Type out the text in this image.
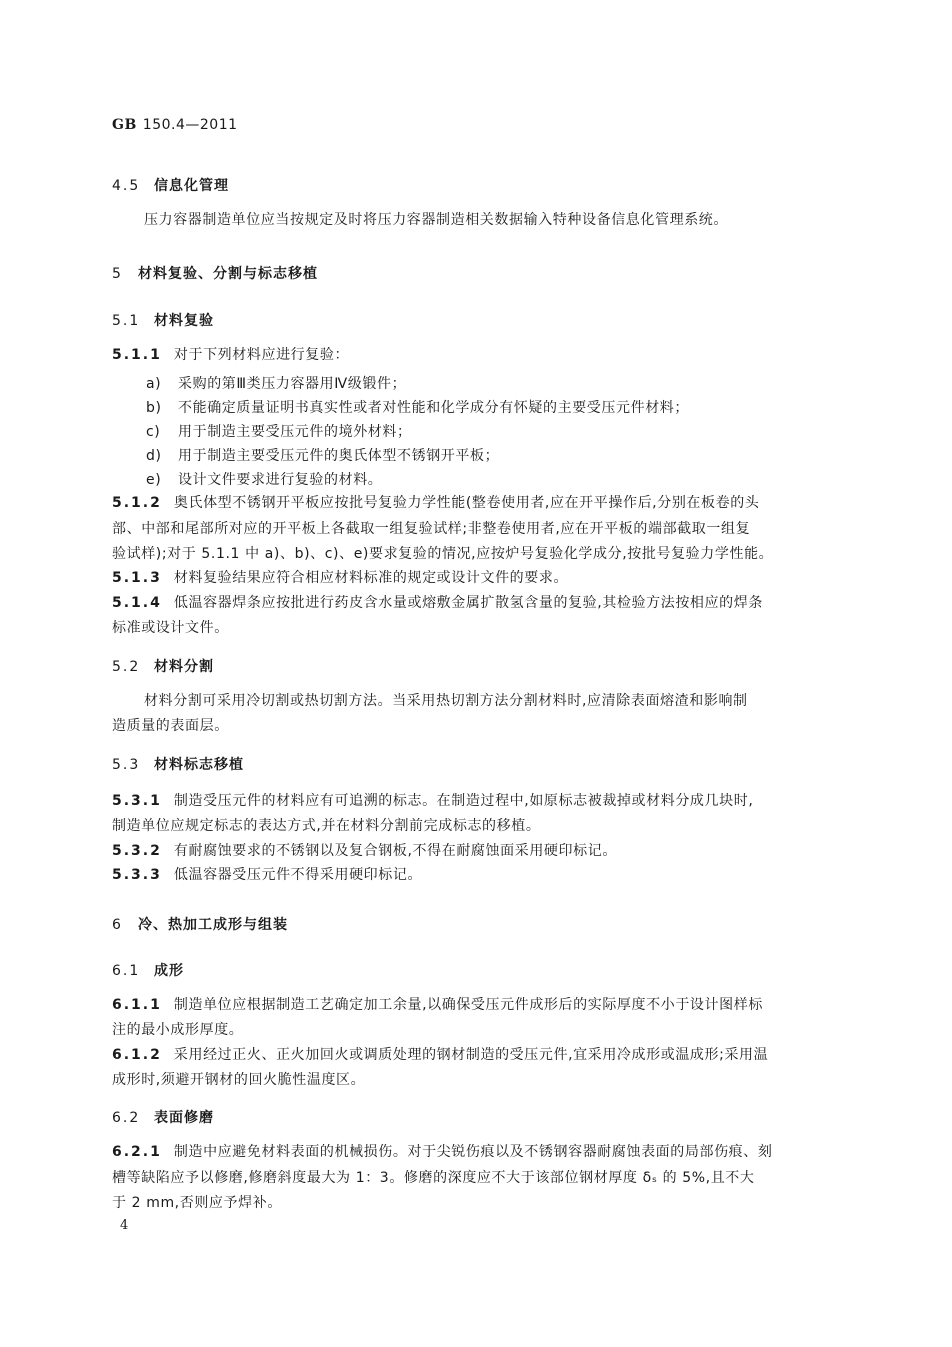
GB 150.4—2011
4.5 信息化管理
压力容器制造单位应当按规定及时将压力容器制造相关数据输入特种设备信息化管理系统。
5 材料复验、分割与标志移植
5.1 材料复验
5.1.1 对于下列材料应进行复验：
a) 采购的第Ⅲ类压力容器用Ⅳ级锻件；
b) 不能确定质量证明书真实性或者对性能和化学成分有怀疑的主要受压元件材料；
c) 用于制造主要受压元件的境外材料；
d) 用于制造主要受压元件的奥氏体型不锈钢开平板；
e) 设计文件要求进行复验的材料。
5.1.2 奥氏体型不锈钢开平板应按批号复验力学性能(整卷使用者,应在开平操作后,分别在板卷的头
部、中部和尾部所对应的开平板上各截取一组复验试样;非整卷使用者,应在开平板的端部截取一组复
验试样);对于 5.1.1 中 a)、b)、c)、e)要求复验的情况,应按炉号复验化学成分,按批号复验力学性能。
5.1.3 材料复验结果应符合相应材料标准的规定或设计文件的要求。
5.1.4 低温容器焊条应按批进行药皮含水量或熔敷金属扩散氢含量的复验,其检验方法按相应的焊条
标准或设计文件。
5.2 材料分割
材料分割可采用冷切割或热切割方法。当采用热切割方法分割材料时,应清除表面熔渣和影响制
造质量的表面层。
5.3 材料标志移植
5.3.1 制造受压元件的材料应有可追溯的标志。在制造过程中,如原标志被裁掉或材料分成几块时,
制造单位应规定标志的表达方式,并在材料分割前完成标志的移植。
5.3.2 有耐腐蚀要求的不锈钢以及复合钢板,不得在耐腐蚀面采用硬印标记。
5.3.3 低温容器受压元件不得采用硬印标记。
6 冷、热加工成形与组装
6.1 成形
6.1.1 制造单位应根据制造工艺确定加工余量,以确保受压元件成形后的实际厚度不小于设计图样标
注的最小成形厚度。
6.1.2 采用经过正火、正火加回火或调质处理的钢材制造的受压元件,宜采用冷成形或温成形;采用温
成形时,须避开钢材的回火脆性温度区。
6.2 表面修磨
6.2.1 制造中应避免材料表面的机械损伤。对于尖锐伤痕以及不锈钢容器耐腐蚀表面的局部伤痕、刻
槽等缺陷应予以修磨,修磨斜度最大为 1：3。修磨的深度应不大于该部位钢材厚度 δₛ 的 5%,且不大
于 2 mm,否则应予焊补。
4
